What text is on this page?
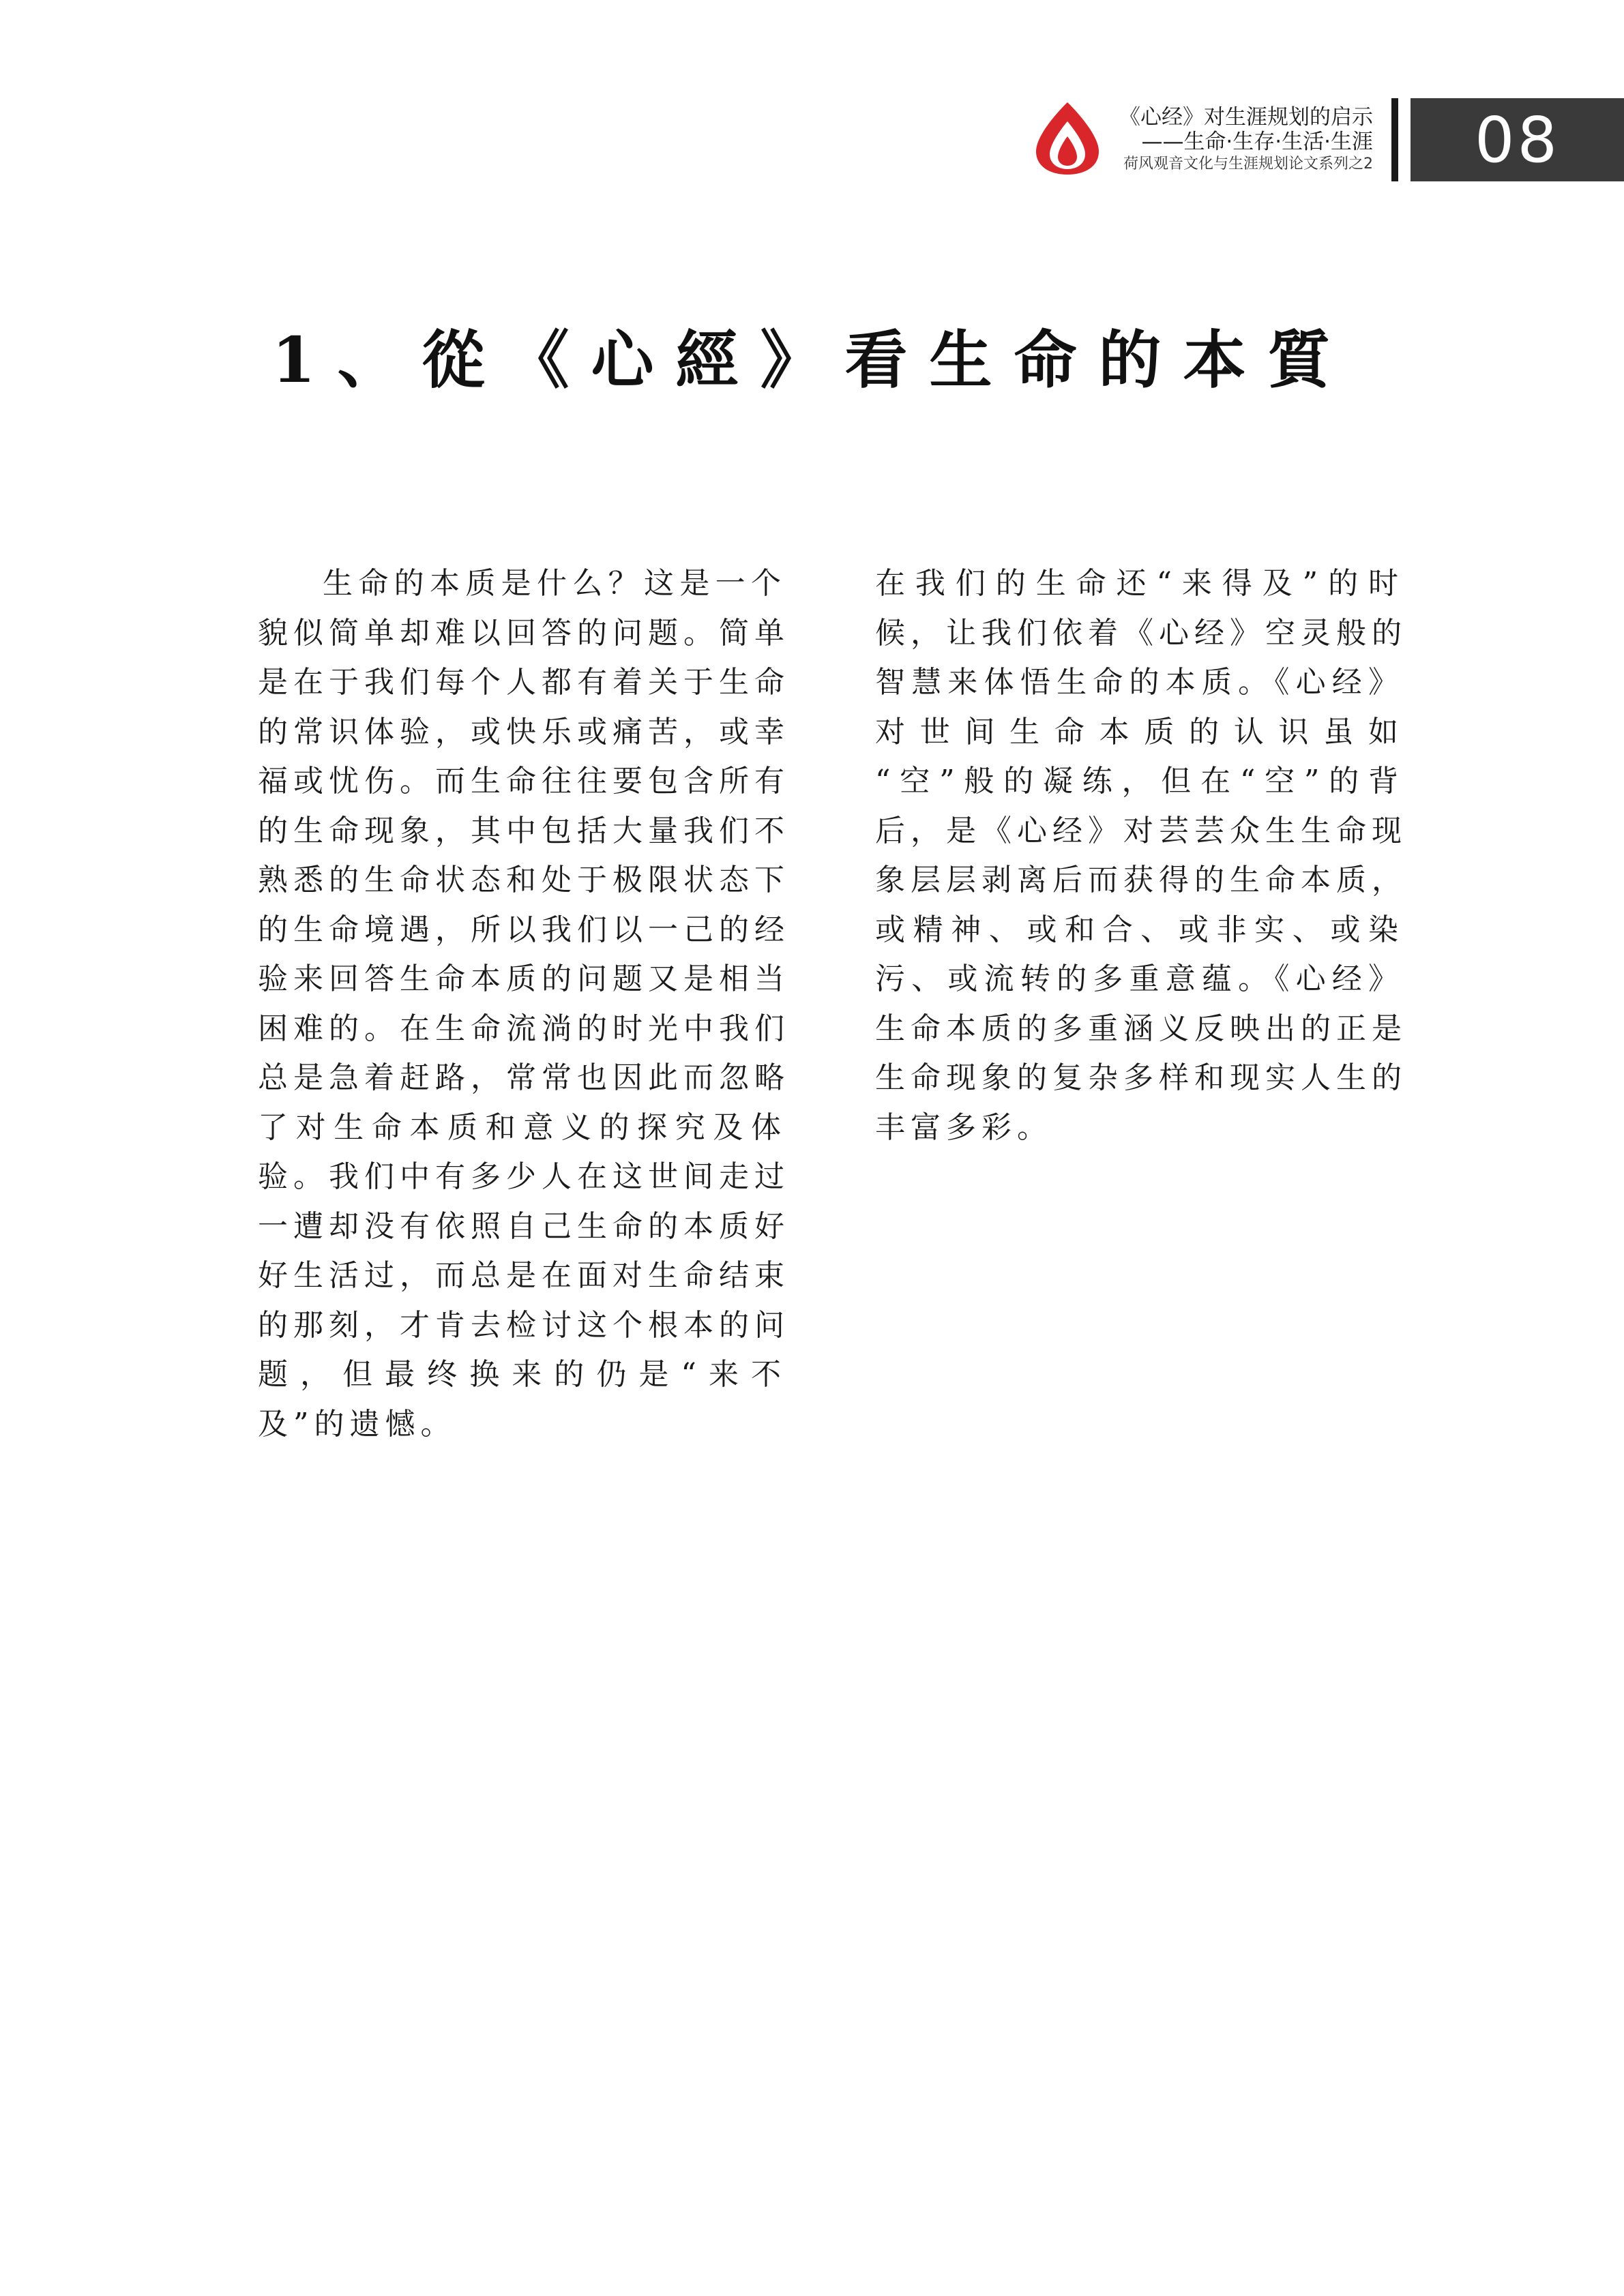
《心经》对生涯规划的启示
——生命·生存·生活·生涯
荷风观音文化与生涯规划论文系列之2	08
1、從《心經》看生命的本質
生命的本质是什么？这是一个
貌似简单却难以回答的问题。简单
是在于我们每个人都有着关于生命
的常识体验，或快乐或痛苦，或幸
福或忧伤。而生命往往要包含所有
的生命现象，其中包括大量我们不
熟悉的生命状态和处于极限状态下
的生命境遇，所以我们以一己的经
验来回答生命本质的问题又是相当
困难的。在生命流淌的时光中我们
总是急着赶路，常常也因此而忽略
了对生命本质和意义的探究及体
验。我们中有多少人在这世间走过
一遭却没有依照自己生命的本质好
好生活过，而总是在面对生命结束
的那刻，才肯去检讨这个根本的问
题，但最终换来的仍是“来不
及”的遗憾。
在我们的生命还“来得及”的时
候，让我们依着《心经》空灵般的
智慧来体悟生命的本质。《心经》
对世间生命本质的认识虽如
“空”般的凝练，但在“空”的背
后，是《心经》对芸芸众生生命现
象层层剥离后而获得的生命本质，
或精神、或和合、或非实、或染
污、或流转的多重意蕴。《心经》
生命本质的多重涵义反映出的正是
生命现象的复杂多样和现实人生的
丰富多彩。
